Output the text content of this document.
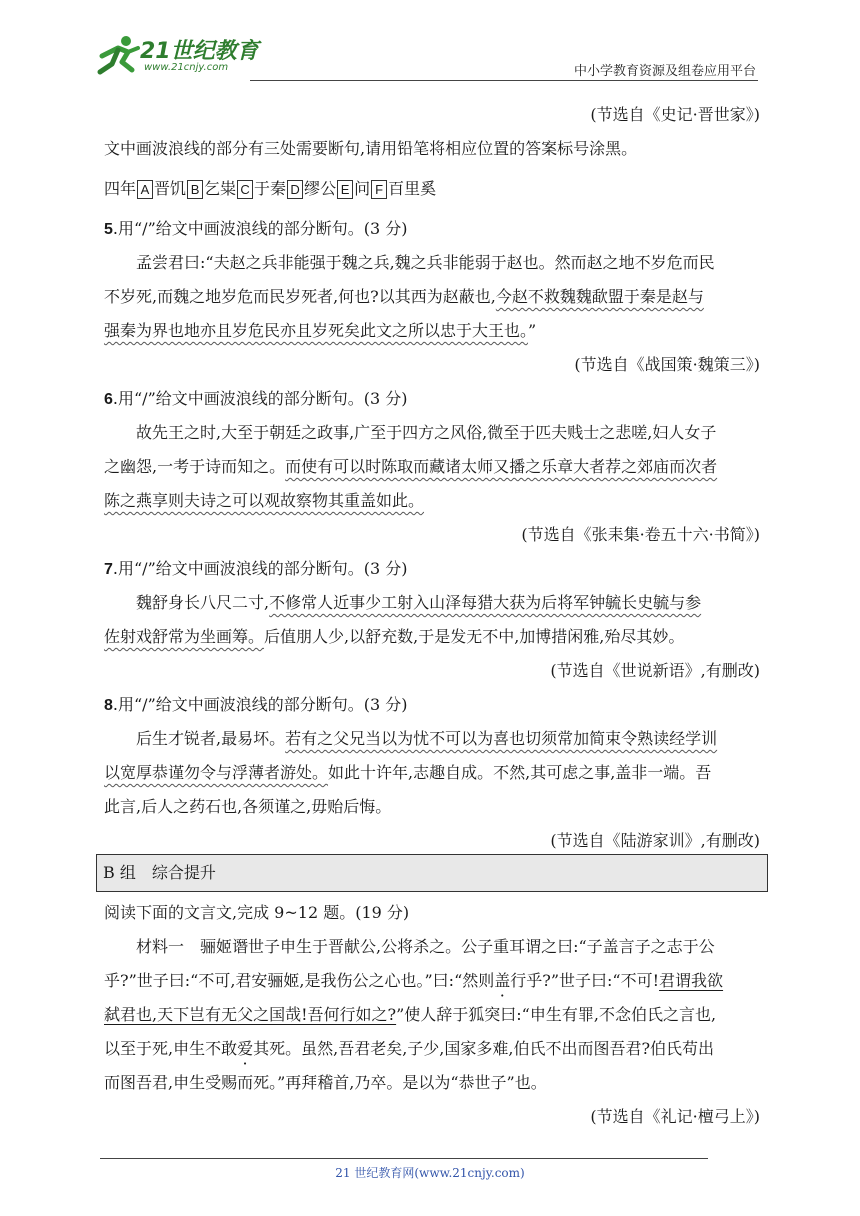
21世纪教育
www.21cnjy.com	中小学教育资源及组卷应用平台
(节选自《史记·晋世家》)
文中画波浪线的部分有三处需要断句,请用铅笔将相应位置的答案标号涂黑。
四年 A 晋饥 B 乞粜 C 于秦 D 缪公 E 问 F 百里奚
5.用“/”给文中画波浪线的部分断句。(3 分)
孟尝君曰:“夫赵之兵非能强于魏之兵,魏之兵非能弱于赵也。然而赵之地不岁危而民
不岁死,而魏之地岁危而民岁死者,何也?以其西为赵蔽也,今赵不救魏魏歃盟于秦是赵与
强秦为界也地亦且岁危民亦且岁死矣此文之所以忠于大王也。”
(节选自《战国策·魏策三》)
6.用“/”给文中画波浪线的部分断句。(3 分)
故先王之时,大至于朝廷之政事,广至于四方之风俗,微至于匹夫贱士之悲嗟,妇人女子
之幽怨,一考于诗而知之。而使有可以时陈取而藏诸太师又播之乐章大者荐之郊庙而次者
陈之燕享则夫诗之可以观故察物其重盖如此。
(节选自《张耒集·卷五十六·书简》)
7.用“/”给文中画波浪线的部分断句。(3 分)
魏舒身长八尺二寸,不修常人近事少工射入山泽每猎大获为后将军钟毓长史毓与参
佐射戏舒常为坐画筹。后值朋人少,以舒充数,于是发无不中,加博措闲雅,殆尽其妙。
(节选自《世说新语》,有删改)
8.用“/”给文中画波浪线的部分断句。(3 分)
后生才锐者,最易坏。若有之父兄当以为忧不可以为喜也切须常加简束令熟读经学训
以宽厚恭谨勿令与浮薄者游处。如此十许年,志趣自成。不然,其可虑之事,盖非一端。吾
此言,后人之药石也,各须谨之,毋贻后悔。
(节选自《陆游家训》,有删改)
B 组　综合提升
阅读下面的文言文,完成 9~12 题。(19 分)
材料一　骊姬谮世子申生于晋献公,公将杀之。公子重耳谓之曰:“子盖言子之志于公
乎?”世子曰:“不可,君安骊姬,是我伤公之心也。”曰:“然则盖行乎?”世子曰:“不可!君谓我欲
弑君也,天下岂有无父之国哉!吾何行如之?”使人辞于狐突曰:“申生有罪,不念伯氏之言也,
以至于死,申生不敢爱其死。虽然,吾君老矣,子少,国家多难,伯氏不出而图吾君?伯氏苟出
而图吾君,申生受赐而死。”再拜稽首,乃卒。是以为“恭世子”也。
(节选自《礼记·檀弓上》)
21 世纪教育网(www.21cnjy.com)
